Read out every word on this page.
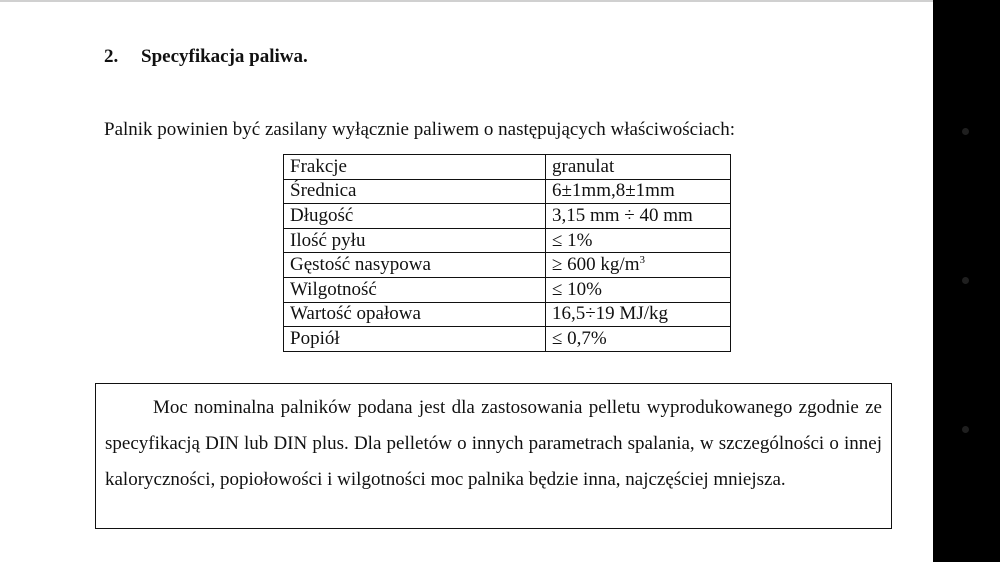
2. Specyfikacja paliwa.
Palnik powinien być zasilany wyłącznie paliwem o następujących właściwościach:
Frakcje	granulat
Średnica	6±1mm,8±1mm
Długość	3,15 mm ÷ 40 mm
Ilość pyłu	≤ 1%
Gęstość nasypowa	≥ 600 $kg/m^3$
Wilgotność	≤ 10%
Wartość opałowa	16,5÷19 MJ/kg
Popiół	≤ 0,7%

Moc nominalna palników podana jest dla zastosowania pelletu wyprodukowanego zgodnie ze specyfikacją DIN lub DIN plus. Dla pelletów o innych parametrach spalania, w szczególności o innej kaloryczności, popiołowości i wilgotności moc palnika będzie inna, najczęściej mniejsza.
